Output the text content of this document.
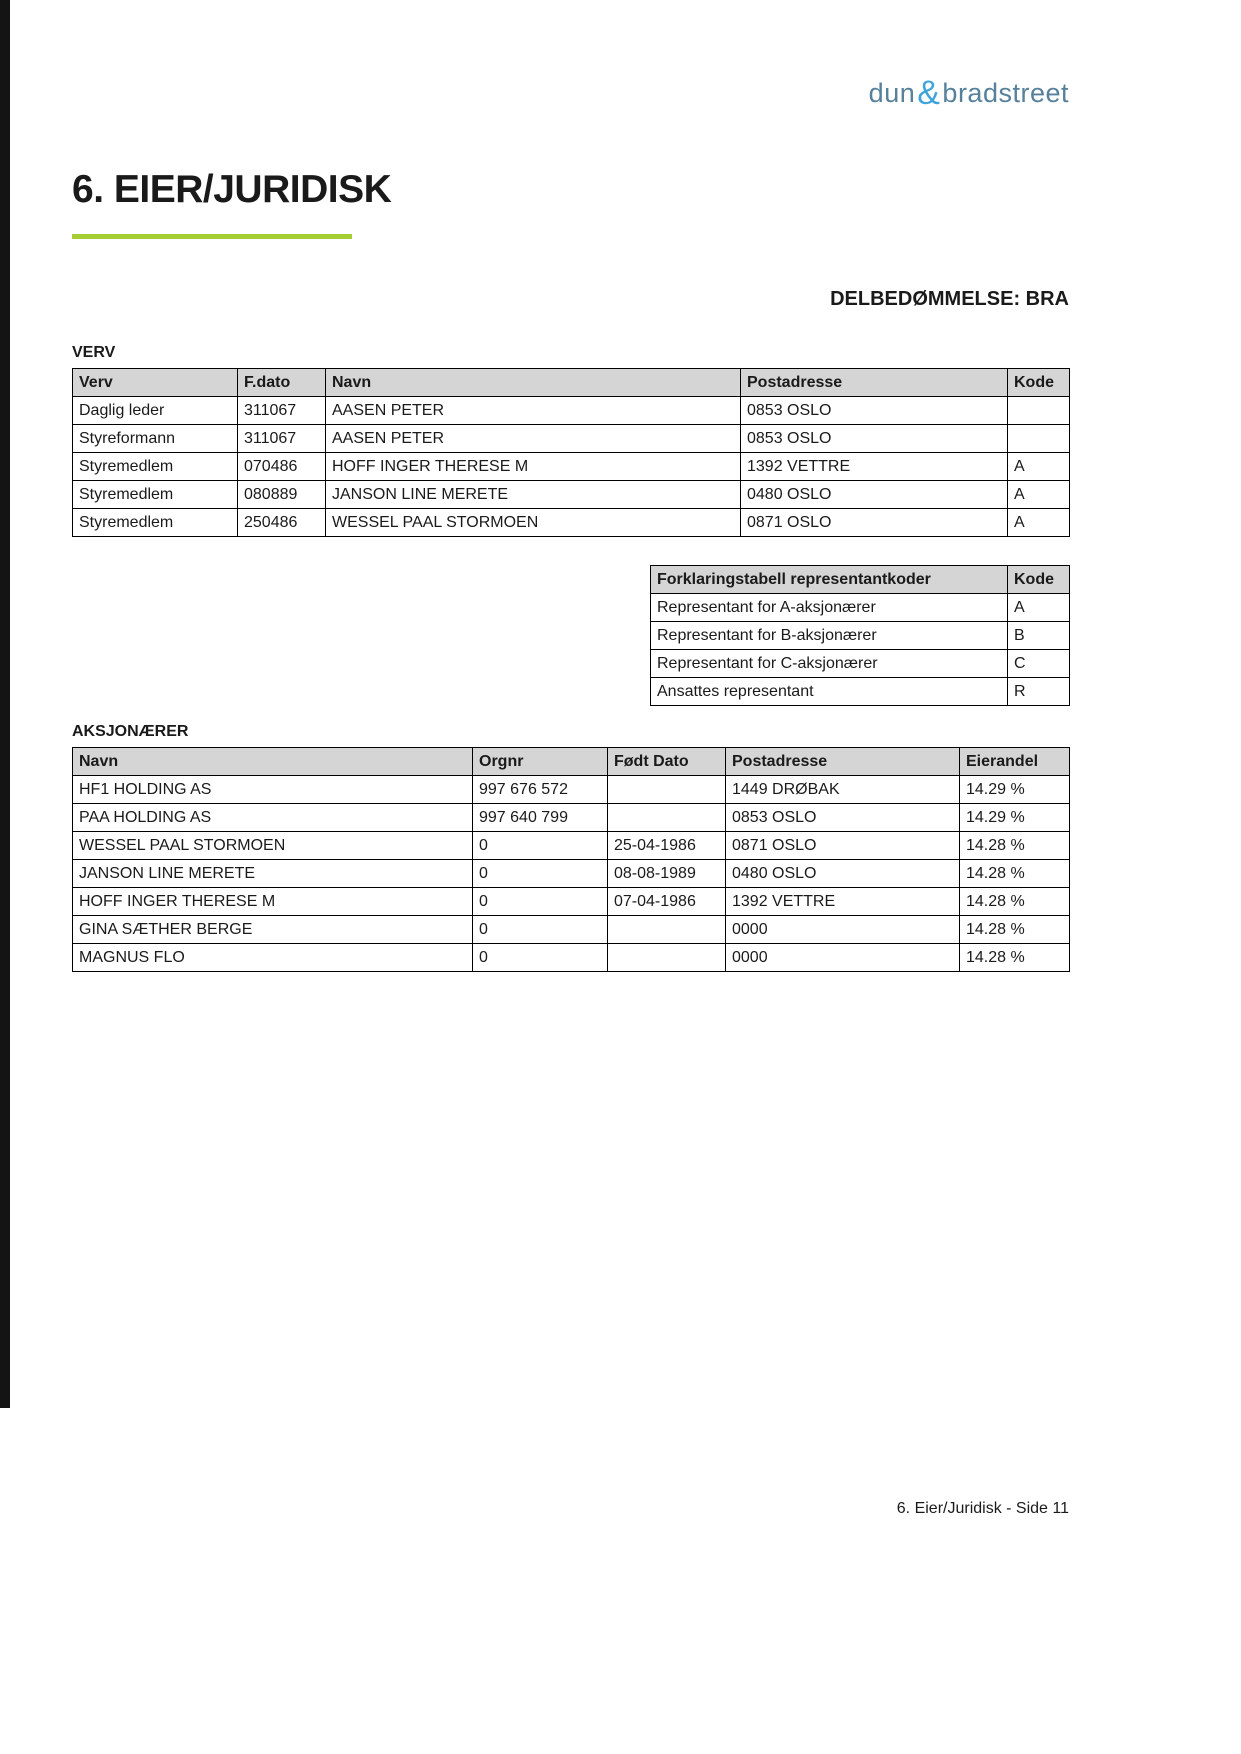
dun&bradstreet
6. EIER/JURIDISK
DELBEDØMMELSE: BRA
VERV
Verv	F.dato	Navn	Postadresse	Kode
Daglig leder	311067	AASEN PETER	0853 OSLO	
Styreformann	311067	AASEN PETER	0853 OSLO	
Styremedlem	070486	HOFF INGER THERESE M	1392 VETTRE	A
Styremedlem	080889	JANSON LINE MERETE	0480 OSLO	A
Styremedlem	250486	WESSEL PAAL STORMOEN	0871 OSLO	A
Forklaringstabell representantkoder	Kode
Representant for A-aksjonærer	A
Representant for B-aksjonærer	B
Representant for C-aksjonærer	C
Ansattes representant	R
AKSJONÆRER
Navn	Orgnr	Født Dato	Postadresse	Eierandel
HF1 HOLDING AS	997 676 572		1449 DRØBAK	14.29 %
PAA HOLDING AS	997 640 799		0853 OSLO	14.29 %
WESSEL PAAL STORMOEN	0	25-04-1986	0871 OSLO	14.28 %
JANSON LINE MERETE	0	08-08-1989	0480 OSLO	14.28 %
HOFF INGER THERESE M	0	07-04-1986	1392 VETTRE	14.28 %
GINA SÆTHER BERGE	0		0000	14.28 %
MAGNUS FLO	0		0000	14.28 %
6. Eier/Juridisk - Side 11
